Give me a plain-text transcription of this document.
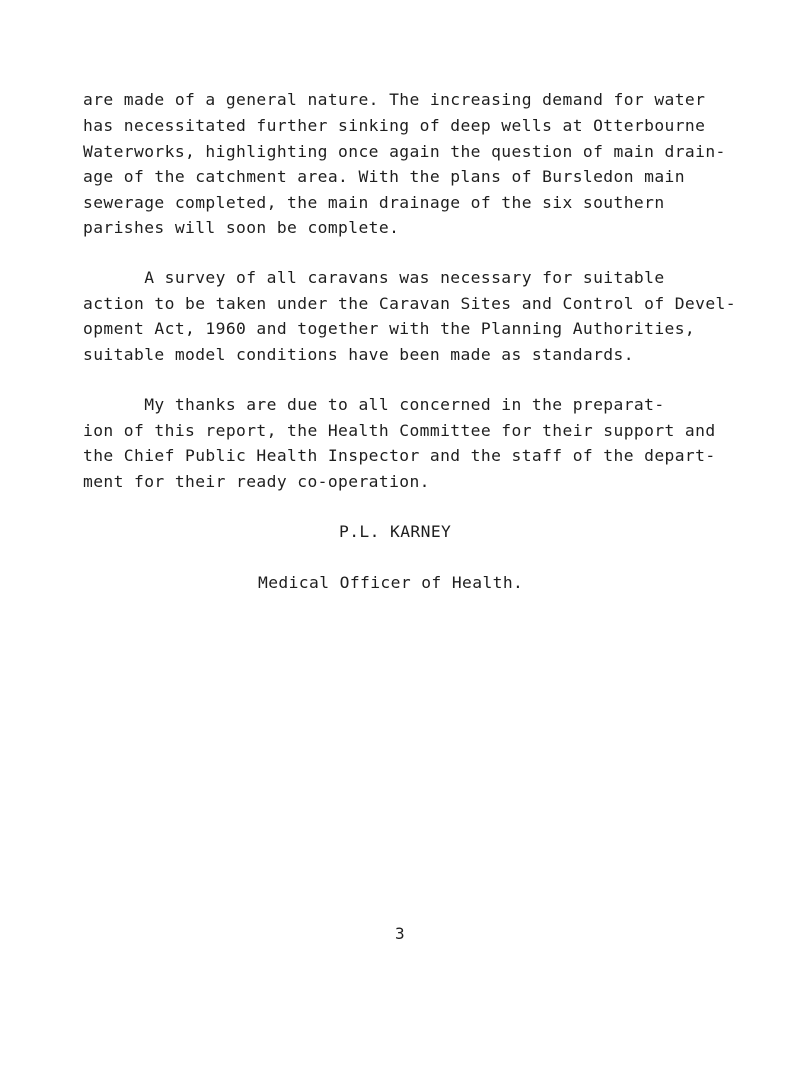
are made of a general nature. The increasing demand for water
has necessitated further sinking of deep wells at Otterbourne
Waterworks, highlighting once again the question of main drain-
age of the catchment area. With the plans of Bursledon main
sewerage completed, the main drainage of the six southern
parishes will soon be complete.
A survey of all caravans was necessary for suitable
action to be taken under the Caravan Sites and Control of Devel-
opment Act, 1960 and together with the Planning Authorities,
suitable model conditions have been made as standards.
My thanks are due to all concerned in the preparat-
ion of this report, the Health Committee for their support and
the Chief Public Health Inspector and the staff of the depart-
ment for their ready co-operation.
P.L. KARNEY
Medical Officer of Health.
3
